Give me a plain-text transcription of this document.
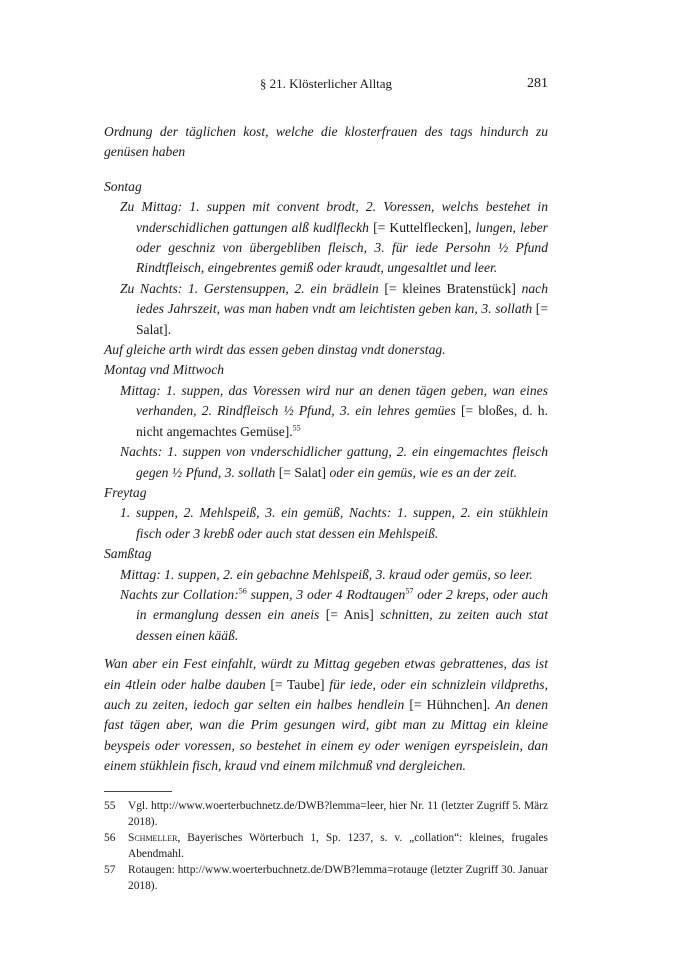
§ 21. Klösterlicher Alltag	281

Ordnung der täglichen kost, welche die klosterfrauen des tags hindurch zu genüsen haben

Sontag

Zu Mittag: 1. suppen mit convent brodt, 2. Voressen, welchs bestehet in vnderschidlichen gattungen alß kudlfleckh [= Kuttelflecken], lungen, leber oder geschniz von übergebliben fleisch, 3. für iede Persohn ½ Pfund Rindtfleisch, eingebrentes gemiß oder kraudt, ungesaltlet und leer.

Zu Nachts: 1. Gerstensuppen, 2. ein brädlein [= kleines Bratenstück] nach iedes Jahrszeit, was man haben vndt am leichtisten geben kan, 3. sollath [= Salat].

Auf gleiche arth wirdt das essen geben dinstag vndt donerstag.

Montag vnd Mittwoch

Mittag: 1. suppen, das Voressen wird nur an denen tägen geben, wan eines verhanden, 2. Rindfleisch ½ Pfund, 3. ein lehres gemües [= bloßes, d. h. nicht angemachtes Gemüse].$^{55}$

Nachts: 1. suppen von vnderschidlicher gattung, 2. ein eingemachtes fleisch gegen ½ Pfund, 3. sollath [= Salat] oder ein gemüs, wie es an der zeit.

Freytag

1. suppen, 2. Mehlspeiß, 3. ein gemüß, Nachts: 1. suppen, 2. ein stükhlein fisch oder 3 krebß oder auch stat dessen ein Mehlspeiß.

Samßtag

Mittag: 1. suppen, 2. ein gebachne Mehlspeiß, 3. kraud oder gemüs, so leer.

Nachts zur Collation:$^{56}$ suppen, 3 oder 4 Rodtaugen$^{57}$ oder 2 kreps, oder auch in ermanglung dessen ein aneis [= Anis] schnitten, zu zeiten auch stat dessen einen kääß.

Wan aber ein Fest einfahlt, würdt zu Mittag gegeben etwas gebrattenes, das ist ein 4tlein oder halbe dauben [= Taube] für iede, oder ein schnizlein vildpreths, auch zu zeiten, iedoch gar selten ein halbes hendlein [= Hühnchen]. An denen fast tägen aber, wan die Prim gesungen wird, gibt man zu Mittag ein kleine beyspeis oder voressen, so bestehet in einem ey oder wenigen eyrspeislein, dan einem stükhlein fisch, kraud vnd einem milchmuß vnd dergleichen.

55	Vgl. http://www.woerterbuchnetz.de/DWB?lemma=leer, hier Nr. 11 (letzter Zugriff 5. März 2018).
56	Schmeller, Bayerisches Wörterbuch 1, Sp. 1237, s. v. „collation“: kleines, frugales Abendmahl.
57	Rotaugen: http://www.woerterbuchnetz.de/DWB?lemma=rotauge (letzter Zugriff 30. Januar 2018).
